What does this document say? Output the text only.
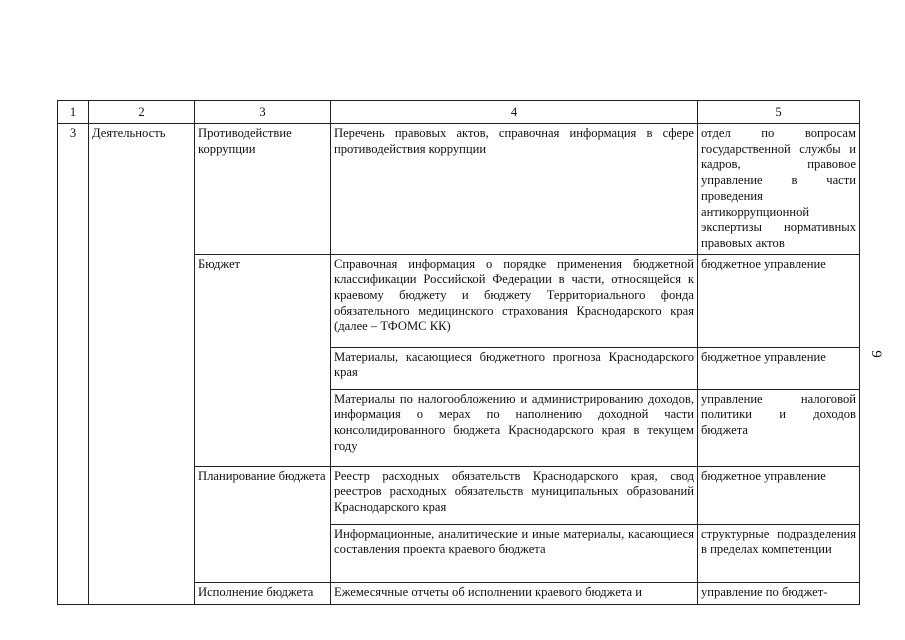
1	2	3	4	5
3	Деятельность	Противодействие коррупции	Перечень правовых актов, справочная информация в сфере противодействия коррупции	отдел по вопросам государственной службы и кадров, правовое управление в части проведения антикоррупционной экспертизы нормативных правовых актов
		Бюджет	Справочная информация о порядке применения бюджетной классификации Российской Федерации в части, относящейся к краевому бюджету и бюджету Территориального фонда обязательного медицинского страхования Краснодарского края (далее – ТФОМС КК)	бюджетное управление
			Материалы, касающиеся бюджетного прогноза Краснодарского края	бюджетное управление
			Материалы по налогообложению и администрированию доходов, информация о мерах по наполнению доходной части консолидированного бюджета Краснодарского края в текущем году	управление налоговой политики и доходов бюджета
		Планирование бюджета	Реестр расходных обязательств Краснодарского края, свод реестров расходных обязательств муниципальных образований Краснодарского края	бюджетное управление
			Информационные, аналитические и иные материалы, касающиеся составления проекта краевого бюджета	структурные подразделения в пределах компетенции
		Исполнение бюджета	Ежемесячные отчеты об исполнении краевого бюджета и	управление по бюджет-
9
